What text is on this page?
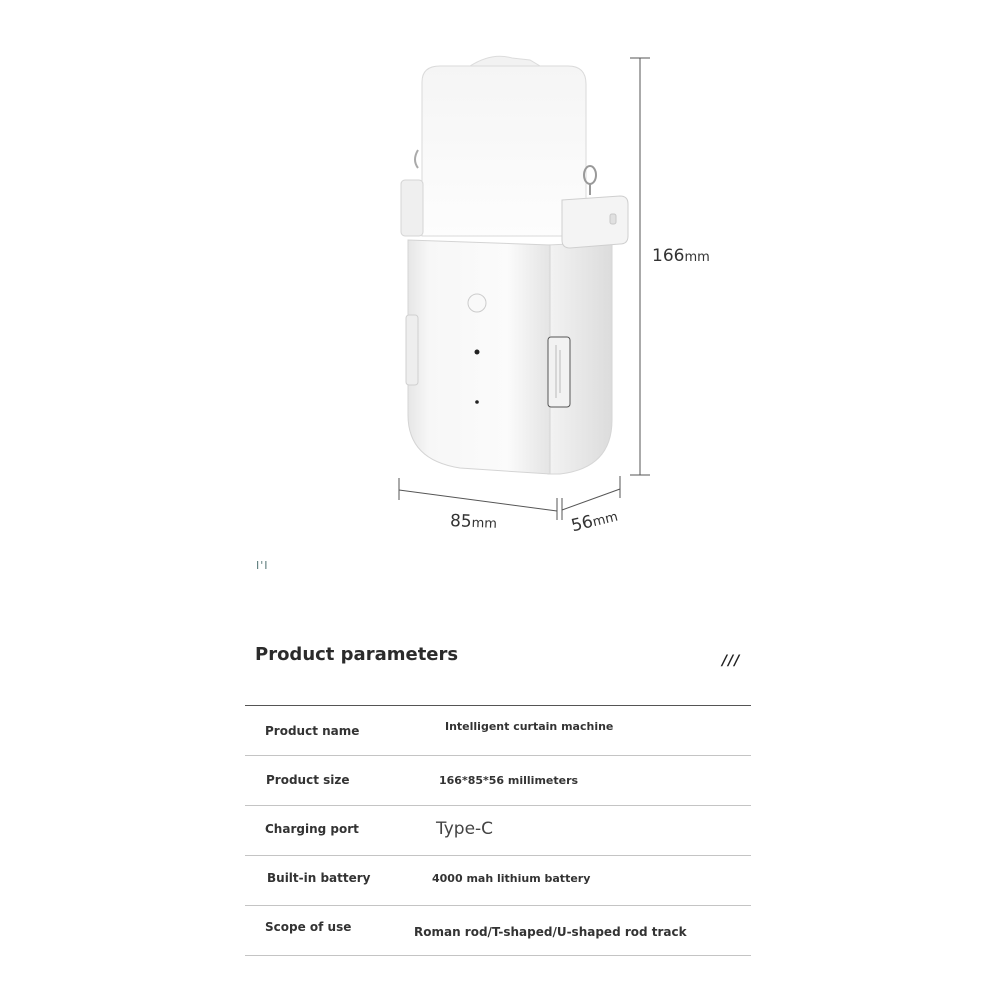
166mm
85mm	56mm
I'I
Product parameters	///
Product name	Intelligent curtain machine
Product size	166*85*56 millimeters
Charging port	Type-C
Built-in battery	4000 mah lithium battery
Scope of use	Roman rod/T-shaped/U-shaped rod track
